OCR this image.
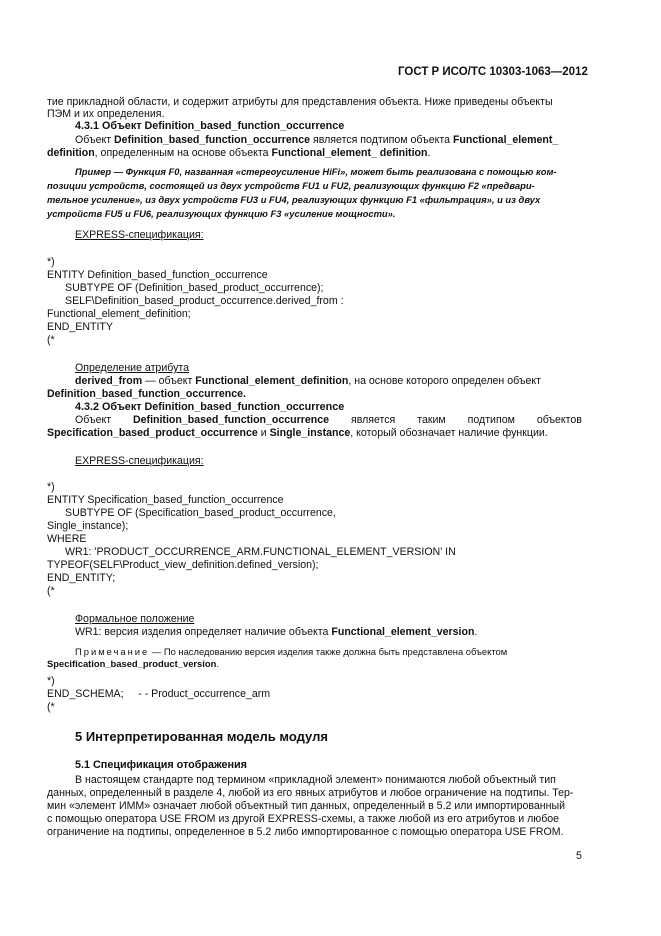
ГОСТ Р ИСО/ТС 10303-1063—2012
тие прикладной области, и содержит атрибуты для представления объекта. Ниже приведены объекты
ПЭМ и их определения.
4.3.1 Объект Definition_based_function_occurrence
Объект Definition_based_function_occurrence является подтипом объекта Functional_element_
definition, определенным на основе объекта Functional_element_ definition.
Пример — Функция F0, названная «стереоусиление HiFi», может быть реализована с помощью ком-
позиции устройств, состоящей из двух устройств FU1 и FU2, реализующих функцию F2 «предвари-
тельное усиление», из двух устройств FU3 и FU4, реализующих функцию F1 «фильтрация», и из двух
устройств FU5 и FU6, реализующих функцию F3 «усиление мощности».
EXPRESS-спецификация:
*)
ENTITY Definition_based_function_occurrence
SUBTYPE OF (Definition_based_product_occurrence);
SELF\Definition_based_product_occurrence.derived_from :
Functional_element_definition;
END_ENTITY
(*
Определение атрибута
derived_from — объект Functional_element_definition, на основе которого определен объект
Definition_based_function_occurrence.
4.3.2 Объект Definition_based_function_occurrence
Объект Definition_based_function_occurrence является таким подтипом объектов
Specification_based_product_occurrence и Single_instance, который обозначает наличие функции.
EXPRESS-спецификация:
*)
ENTITY Specification_based_function_occurrence
SUBTYPE OF (Specification_based_product_occurrence,
Single_instance);
WHERE
WR1: 'PRODUCT_OCCURRENCE_ARM.FUNCTIONAL_ELEMENT_VERSION' IN
TYPEOF(SELF\Product_view_definition.defined_version);
END_ENTITY;
(*
Формальное положение
WR1: версия изделия определяет наличие объекта Functional_element_version.
Примечание — По наследованию версия изделия также должна быть представлена объектом
Specification_based_product_version.
*)
END_SCHEMA;     - - Product_occurrence_arm
(*
5 Интерпретированная модель модуля
5.1 Спецификация отображения
В настоящем стандарте под термином «прикладной элемент» понимаются любой объектный тип
данных, определенный в разделе 4, любой из его явных атрибутов и любое ограничение на подтипы. Тер-
мин «элемент ИММ» означает любой объектный тип данных, определенный в 5.2 или импортированный
с помощью оператора USE FROM из другой EXPRESS-схемы, а также любой из его атрибутов и любое
ограничение на подтипы, определенное в 5.2 либо импортированное с помощью оператора USE FROM.
5
